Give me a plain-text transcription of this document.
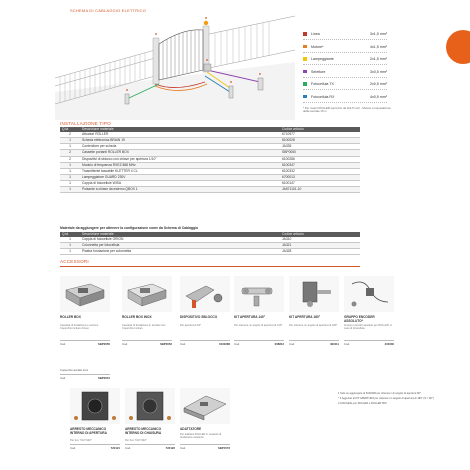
SCHEMA DI CABLAGGIO ELETTRICO
Linea	3x1,5 mm²
Motore*	4x1,5 mm²
Lampeggiante	2x1,5 mm²
Selettore	3x0,5 mm²
Fotocellula TX	2x0,5 mm²
Fotocellula RX	4x0,5 mm²
* Per motori ROLLER sopra 6m da 2x2,5 mm² - Motore a impostazione della centrale 15 m
INSTALLAZIONE TIPO
Q.tà	Descrizione materiale	Codice articolo
2	Attuatori ROLLER	6710977
1	Scheda elettronica BRAIN 19	6100028
1	Contenitore per scheda	JA335
2	Cassette portanti ROLLER BOX	SBP0050
2	Dispositivi di sblocco con chiave per apertura 1/10°	6100286
1	Modulo di frequenza RXEZ 868 MHz	6100347
1	Trasmittente tascabile KLETTER 4 CL	6100332
1	Lampeggiatore GUARD 230V	6700013
1	Coppia di fotocellule WISA	6100147
1	Pulsante a chiave da esterno QBOX 1	JA571101-10
Materiale da aggiungere per ottenere la configurazione come da Schema di Cablaggio
Q.tà	Descrizione materiale	Codice articolo
1	Coppia di fotocellule ORION	JA310
1	Colonnetta per fotocellula	JA321
1	Piastra fondazione per colonnetta	JA328
ACCESSORI
ROLLER BOX
Cassetta di fondazione e sezione. Coperchio incluso chiuso
Cod.	SBP0050
ROLLER BOX INOX
Cassetta di fondazione in acciaio inox. Coperchio incluso
Cod.	SBP0052
DISPOSITIVO SBLOCCO
Per apertura 1/10°
Cod.	6100286
KIT APERTURA 140°
Per ottenere un angolo di apertura di 140°
Cod.	008813
KIT APERTURA 180°
Per ottenere un angolo di apertura di 180°
Cod.	490111
GRUPPO ENCODER ASSOLUTO*
Gruppo encoder assoluto per ROLLER, in caso di fotocellula
Cod.	404030
Coperchio acciaio inox
Cod.	SBP0051
ARRESTO MECCANICO INTERNO DI APERTURA
Per box 7/10°/140°
Cod.	722121
ARRESTO MECCANICO INTERNO DI CHIUSURA
Per box 7/10°/140°
Cod.	722122
ADATTATORE
Per adattare ROLLER in cassetta di fondazione esistente
Cod.	SBP1573

1 Solo se aggiungete al 6100296 per ottenere i di angolo di apertura 90°

* 2 Aggiunte al KIT APERTURA per ottenere un angolo di apertura di 180° (S = 90°)

3 Utilizzabile per ROLLER e ROLLER 500
